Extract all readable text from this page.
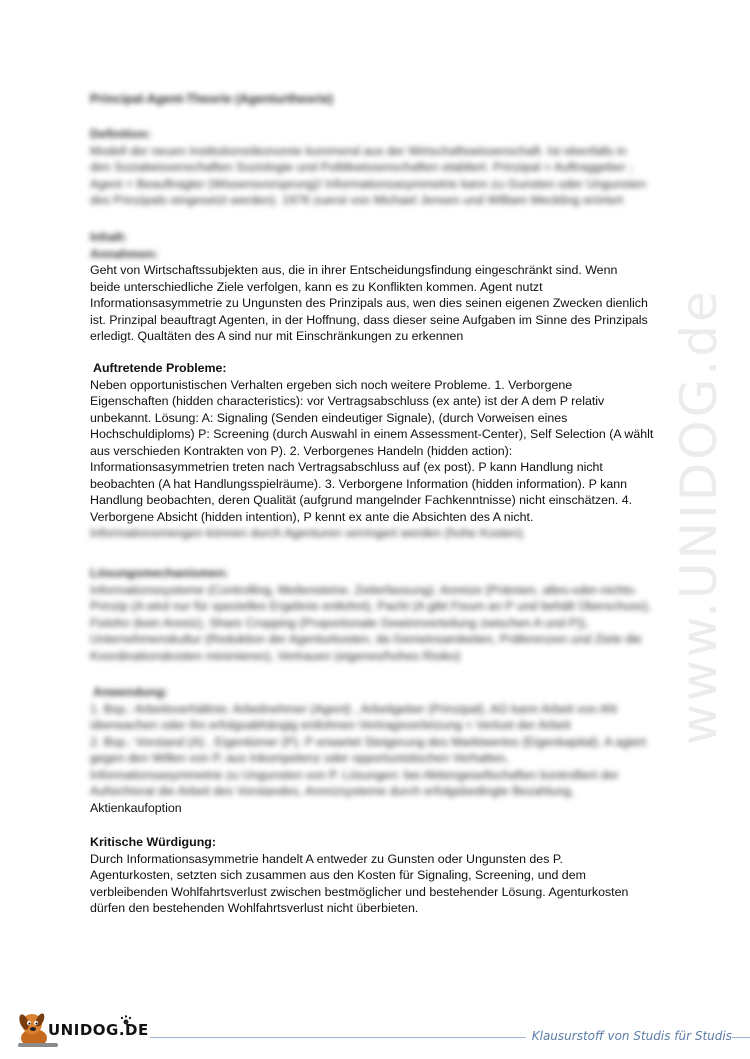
www.UNIDOG.de
Principal-Agent-Theorie (Agenturtheorie)

Definition:

Modell der neuen Institutionsökonomie kommend aus der Wirtschaftswissenschaft. Ist ebenfalls in

den Sozialwissenschaften Soziologie und Politikwissenschaften etabliert. Prinzipal = Auftraggeber ;

Agent = Beauftragter (Wissensvorsprung)! Informationsasymmetrie kann zu Gunsten oder Ungunsten

des Prinzipals eingesetzt werden). 1976 zuerst von Michael Jensen und William Meckling erörtert

Inhalt:

Annahmen:

Geht von Wirtschaftssubjekten aus, die in ihrer Entscheidungsfindung eingeschränkt sind. Wenn

beide unterschiedliche Ziele verfolgen, kann es zu Konflikten kommen. Agent nutzt

Informationsasymmetrie zu Ungunsten des Prinzipals aus, wen dies seinen eigenen Zwecken dienlich

ist. Prinzipal beauftragt Agenten, in der Hoffnung, dass dieser seine Aufgaben im Sinne des Prinzipals

erledigt. Qualtäten des A sind nur mit Einschränkungen zu erkennen

Auftretende Probleme:

Neben opportunistischen Verhalten ergeben sich noch weitere Probleme. 1. Verborgene

Eigenschaften (hidden characteristics): vor Vertragsabschluss (ex ante) ist der A dem P relativ

unbekannt. Lösung: A: Signaling (Senden eindeutiger Signale), (durch Vorweisen eines

Hochschuldiploms) P: Screening (durch Auswahl in einem Assessment-Center), Self Selection (A wählt

aus verschieden Kontrakten von P). 2. Verborgenes Handeln (hidden action):

Informationsasymmetrien treten nach Vertragsabschluss auf (ex post). P kann Handlung nicht

beobachten (A hat Handlungsspielräume). 3. Verborgene Information (hidden information). P kann

Handlung beobachten, deren Qualität (aufgrund mangelnder Fachkenntnisse) nicht einschätzen. 4.

Verborgene Absicht (hidden intention), P kennt ex ante die Absichten des A nicht.

Informationsmengen können durch Agenturen verringert werden (hohe Kosten).

Lösungsmechanismen:

Informationssysteme (Controlling, Meilensteine, Zeiterfassung). Anreize (Prämien, alles-oder-nichts-

Prinzip (A wird nur für spezielles Ergebnis entlohnt), Pacht (A gibt Fixum an P und behält Überschuss),

Fixlohn (kein Anreiz), Share Cropping (Proportionale Gewinnverteilung zwischen A und P)),

Unternehmenskultur (Reduktion der Agenturkosten, da Gemeinsamkeiten, Präferenzen und Ziele die

Koordinationskosten minimieren), Vertrauen (eigenes/hohes Risiko)

Anwendung:

1. Bsp.: Arbeitsverhältnis: Arbeitnehmer (Agent) , Arbeitgeber (Prinzipal). AG kann Arbeit von AN

überwachen oder ihn erfolgsabhängig entlohnen Vertragsverletzung = Verlust der Arbeit

2. Bsp.: Vorstand (A) , Eigentümer (P). P erwartet Steigerung des Marktwertes (Eigenkapital). A agiert

gegen den Willen von P, aus Inkompetenz oder opportunistischen Verhalten,

Informationsasymmetrie zu Ungunsten von P. Lösungen: bei Aktiengesellschaften kontrolliert der

Aufsichtsrat die Arbeit des Vorstandes, Anreizsysteme durch erfolgsbedingte Bezahlung,

Aktienkaufoption

Kritische Würdigung:

Durch Informationsasymmetrie handelt A entweder zu Gunsten oder Ungunsten des P.

Agenturkosten, setzten sich zusammen aus den Kosten für Signaling, Screening, und dem

verbleibenden Wohlfahrtsverlust zwischen bestmöglicher und bestehender Lösung. Agenturkosten

dürfen den bestehenden Wohlfahrtsverlust nicht überbieten.

UNIDOG.DE	Klausurstoff von Studis für Studis
